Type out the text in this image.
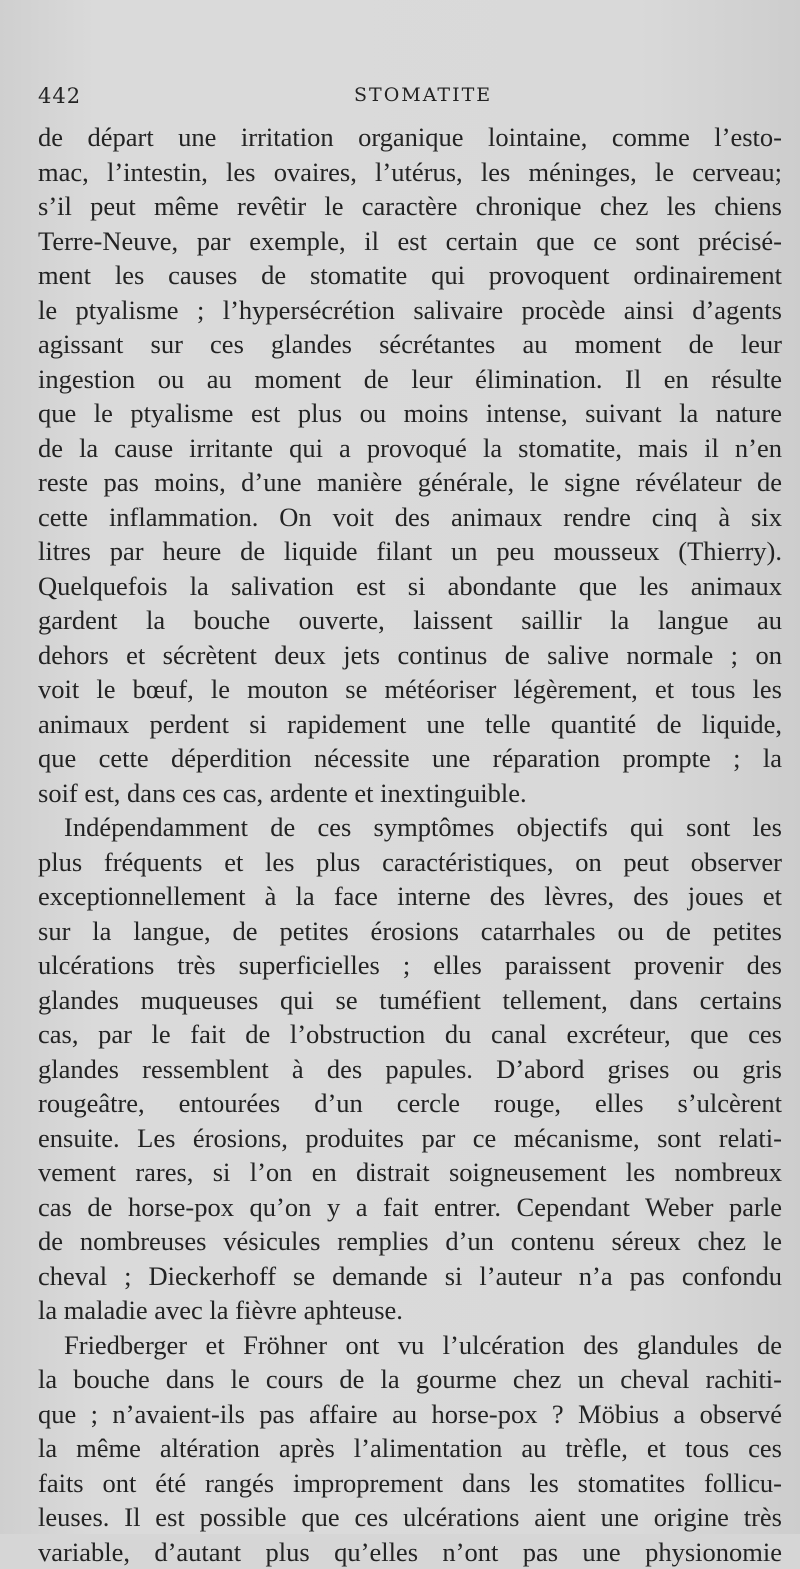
442	STOMATITE
de départ une irritation organique lointaine, comme l’esto-
mac, l’intestin, les ovaires, l’utérus, les méninges, le cerveau;
s’il peut même revêtir le caractère chronique chez les chiens
Terre-Neuve, par exemple, il est certain que ce sont précisé-
ment les causes de stomatite qui provoquent ordinairement
le ptyalisme ; l’hypersécrétion salivaire procède ainsi d’agents
agissant sur ces glandes sécrétantes au moment de leur
ingestion ou au moment de leur élimination. Il en résulte
que le ptyalisme est plus ou moins intense, suivant la nature
de la cause irritante qui a provoqué la stomatite, mais il n’en
reste pas moins, d’une manière générale, le signe révélateur de
cette inflammation. On voit des animaux rendre cinq à six
litres par heure de liquide filant un peu mousseux (Thierry).
Quelquefois la salivation est si abondante que les animaux
gardent la bouche ouverte, laissent saillir la langue au
dehors et sécrètent deux jets continus de salive normale ; on
voit le bœuf, le mouton se météoriser légèrement, et tous les
animaux perdent si rapidement une telle quantité de liquide,
que cette déperdition nécessite une réparation prompte ; la
soif est, dans ces cas, ardente et inextinguible.
Indépendamment de ces symptômes objectifs qui sont les
plus fréquents et les plus caractéristiques, on peut observer
exceptionnellement à la face interne des lèvres, des joues et
sur la langue, de petites érosions catarrhales ou de petites
ulcérations très superficielles ; elles paraissent provenir des
glandes muqueuses qui se tuméfient tellement, dans certains
cas, par le fait de l’obstruction du canal excréteur, que ces
glandes ressemblent à des papules. D’abord grises ou gris
rougeâtre, entourées d’un cercle rouge, elles s’ulcèrent
ensuite. Les érosions, produites par ce mécanisme, sont relati-
vement rares, si l’on en distrait soigneusement les nombreux
cas de horse-pox qu’on y a fait entrer. Cependant Weber parle
de nombreuses vésicules remplies d’un contenu séreux chez le
cheval ; Dieckerhoff se demande si l’auteur n’a pas confondu
la maladie avec la fièvre aphteuse.
Friedberger et Fröhner ont vu l’ulcération des glandules de
la bouche dans le cours de la gourme chez un cheval rachiti-
que ; n’avaient-ils pas affaire au horse-pox ? Möbius a observé
la même altération après l’alimentation au trèfle, et tous ces
faits ont été rangés improprement dans les stomatites follicu-
leuses. Il est possible que ces ulcérations aient une origine très
variable, d’autant plus qu’elles n’ont pas une physionomie
